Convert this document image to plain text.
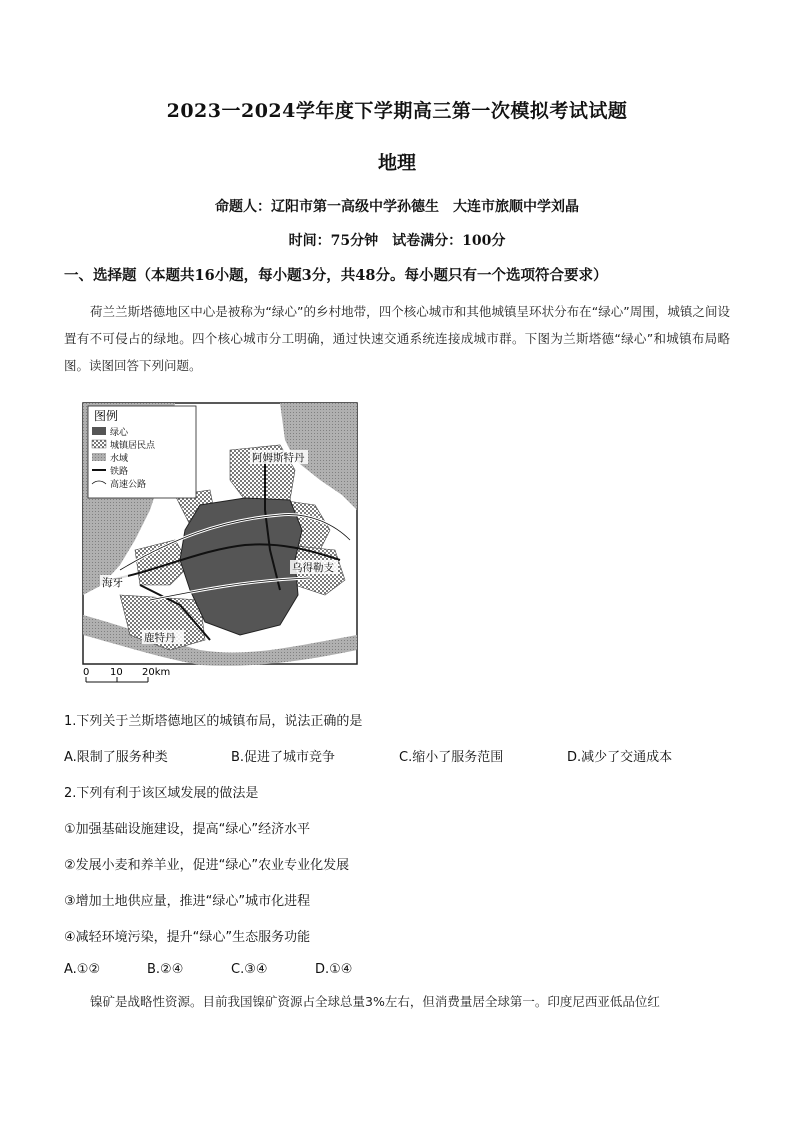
2023一2024学年度下学期高三第一次模拟考试试题
地理
命题人：辽阳市第一高级中学孙德生　大连市旅顺中学刘晶
时间：75分钟　试卷满分：100分
一、选择题（本题共16小题，每小题3分，共48分。每小题只有一个选项符合要求）
荷兰兰斯塔德地区中心是被称为“绿心”的乡村地带，四个核心城市和其他城镇呈环状分布在“绿心”周围，城镇之间设置有不可侵占的绿地。四个核心城市分工明确，通过快速交通系统连接成城市群。下图为兰斯塔德“绿心”和城镇布局略图。读图回答下列问题。
图例
绿心
城镇居民点
水域
铁路
高速公路
阿姆斯特丹
乌得勒支
海牙
鹿特丹
0 10 20km
1.下列关于兰斯塔德地区的城镇布局，说法正确的是
A.限制了服务种类	B.促进了城市竞争	C.缩小了服务范围	D.减少了交通成本
2.下列有利于该区域发展的做法是
①加强基础设施建设，提高“绿心”经济水平
②发展小麦和养羊业，促进“绿心”农业专业化发展
③增加土地供应量，推进“绿心”城市化进程
④减轻环境污染，提升“绿心”生态服务功能
A.①②	B.②④	C.③④	D.①④
镍矿是战略性资源。目前我国镍矿资源占全球总量3%左右，但消费量居全球第一。印度尼西亚低品位红
